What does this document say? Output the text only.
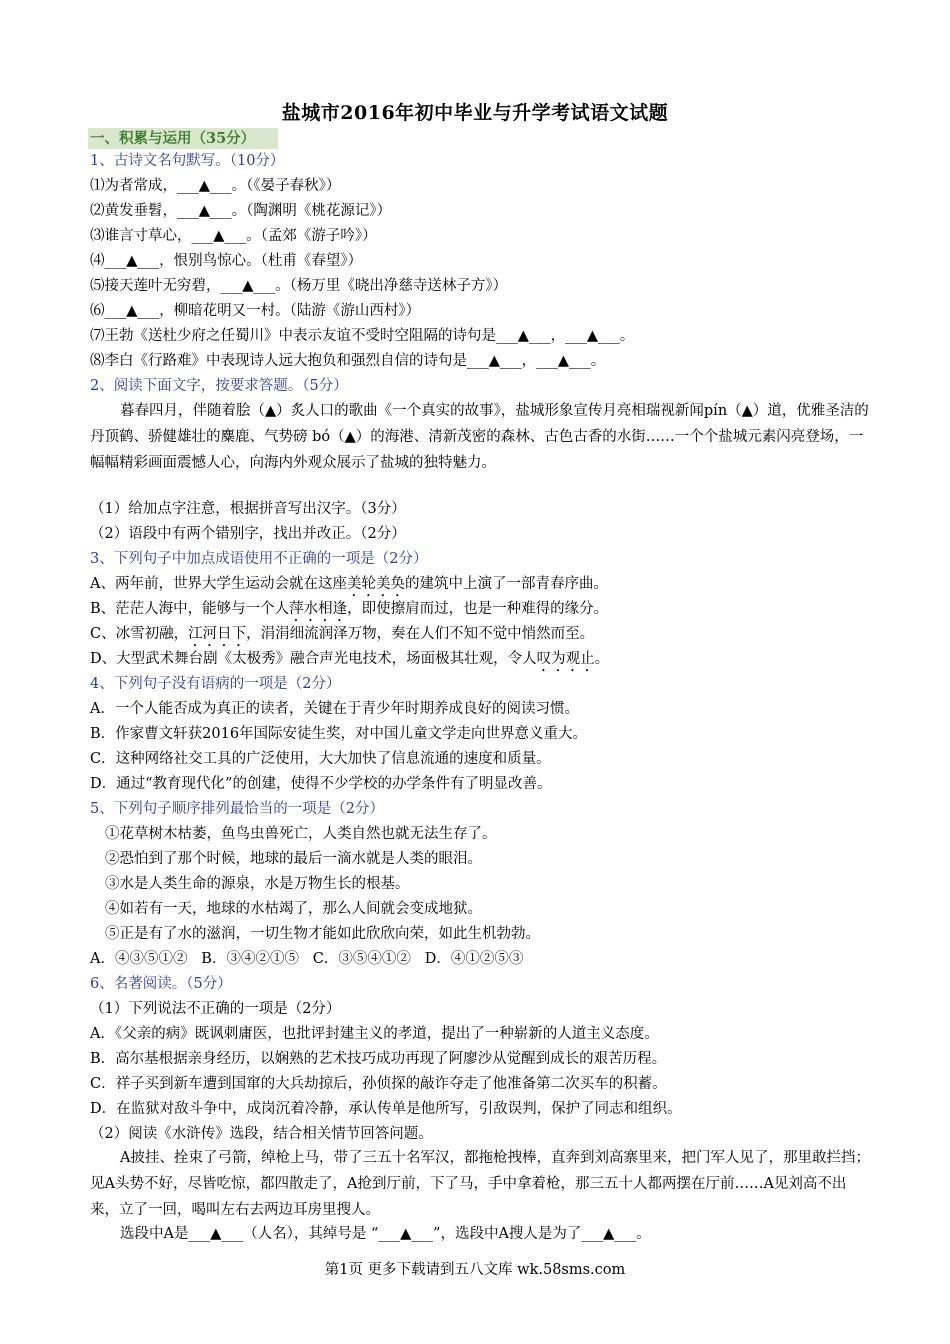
盐城市2016年初中毕业与升学考试语文试题
一、积累与运用（35分）
1、古诗文名句默写。（10分）
⑴为者常成，___▲___。（《晏子春秋》）
⑵黄发垂髫，___▲___。（陶渊明《桃花源记》）
⑶谁言寸草心，___▲___。（孟郊《游子吟》）
⑷___▲___，恨别鸟惊心。（杜甫《春望》）
⑸接天莲叶无穷碧，___▲___。（杨万里《晓出净慈寺送林子方》）
⑹___▲___，柳暗花明又一村。（陆游《游山西村》）
⑺王勃《送杜少府之任蜀川》中表示友谊不受时空阻隔的诗句是___▲___，___▲___。
⑻李白《行路难》中表现诗人远大抱负和强烈自信的诗句是___▲___，___▲___。
2、阅读下面文字，按要求答题。（5分）
暮春四月，伴随着脍（▲）炙人口的歌曲《一个真实的故事》，盐城形象宣传月亮相瑞视新闻pín（▲）道，优雅圣洁的丹顶鹤、骄健雄壮的麋鹿、气势磅 bó（▲）的海港、清新茂密的森林、古色古香的水街……一个个盐城元素闪亮登场，一幅幅精彩画面震憾人心，向海内外观众展示了盐城的独特魅力。
（1）给加点字注意，根据拼音写出汉字。（3分）
（2）语段中有两个错别字，找出并改正。（2分）
3、下列句子中加点成语使用不正确的一项是（2分）
A、两年前，世界大学生运动会就在这座美轮美奂的建筑中上演了一部青春序曲。
B、茫茫人海中，能够与一个人萍水相逢，即使擦肩而过，也是一种难得的缘分。
C、冰雪初融，江河日下，涓涓细流润泽万物，奏在人们不知不觉中悄然而至。
D、大型武术舞台剧《太极秀》融合声光电技术，场面极其壮观，令人叹为观止。
4、下列句子没有语病的一项是（2分）
A．一个人能否成为真正的读者，关键在于青少年时期养成良好的阅读习惯。
B．作家曹文轩获2016年国际安徒生奖，对中国儿童文学走向世界意义重大。
C．这种网络社交工具的广泛使用，大大加快了信息流通的速度和质量。
D．通过“教育现代化”的创建，使得不少学校的办学条件有了明显改善。
5、下列句子顺序排列最恰当的一项是（2分）
①花草树木枯萎，鱼鸟虫兽死亡，人类自然也就无法生存了。
②恐怕到了那个时候，地球的最后一滴水就是人类的眼泪。
③水是人类生命的源泉，水是万物生长的根基。
④如若有一天，地球的水枯竭了，那么人间就会变成地狱。
⑤正是有了水的滋润，一切生物才能如此欣欣向荣，如此生机勃勃。
A．④③⑤①②   B．③④②①⑤   C．③⑤④①②   D．④①②⑤③
6、名著阅读。（5分）
（1）下列说法不正确的一项是（2分）
A．《父亲的病》既讽刺庸医，也批评封建主义的孝道，提出了一种崭新的人道主义态度。
B．高尔基根据亲身经历，以娴熟的艺术技巧成功再现了阿廖沙从觉醒到成长的艰苦历程。
C．祥子买到新车遭到国窜的大兵劫掠后，孙侦探的敲诈夺走了他准备第二次买车的积蓄。
D．在监狱对敌斗争中，成岗沉着冷静，承认传单是他所写，引敌误判，保护了同志和组织。
（2）阅读《水浒传》选段，结合相关情节回答问题。
A披挂、拴束了弓箭，绰枪上马，带了三五十名军汉，都拖枪拽棒，直奔到刘高寨里来，把门军人见了，那里敢拦挡；见A头势不好，尽皆吃惊，都四散走了，A抢到厅前，下了马，手中拿着枪，那三五十人都两摆在厅前……A见刘高不出来，立了一回，喝叫左右去两边耳房里搜人。
选段中A是___▲___（人名），其绰号是 “___▲___”，选段中A搜人是为了___▲___。
第1页 更多下载请到五八文库 wk.58sms.com
